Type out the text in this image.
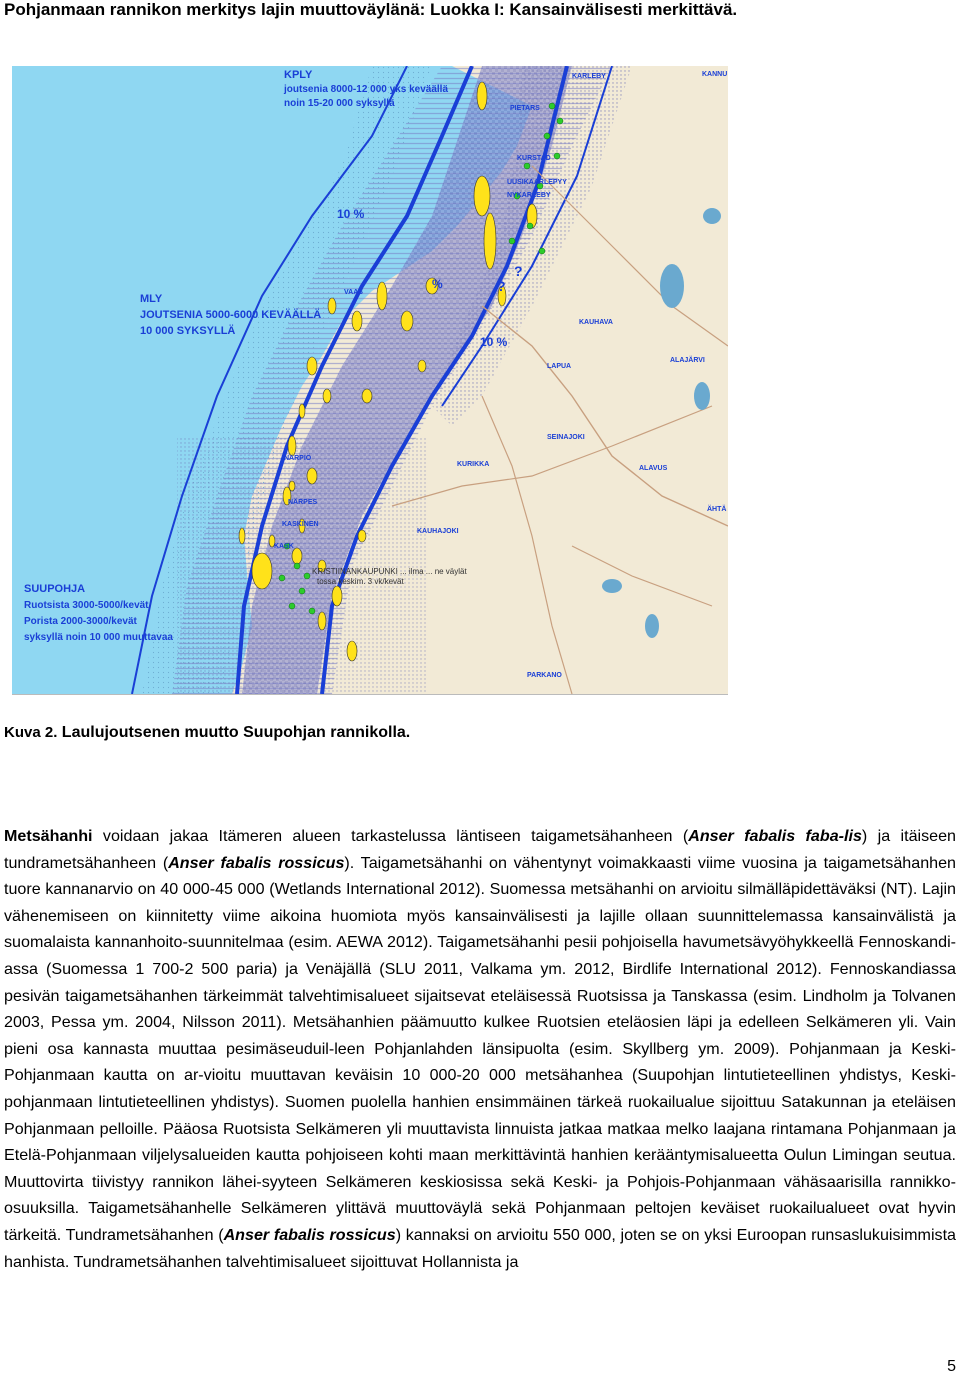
Pohjanmaan rannikon merkitys lajin muuttoväylänä: Luokka I: Kansainvälisesti merkittävä.
KPLY
joutsenia 8000-12 000 yks keväällä
noin 15-20 000 syksyllä
MLY
JOUTSENIA 5000-6000 KEVÄÄLLÄ
10 000 SYKSYLLÄ
SUUPOHJA
Ruotsista 3000-5000/kevät
Porista 2000-3000/kevät
syksyllä noin 10 000 muuttavaa
10 %
%
10 %
?
?
KRISTIINANKAUPUNKI ... ilma ... ne väylät
tossa keskim. 3 vk/kevät
KANNU
KARLEBY
PIETARS
KURSTAD
UUSIKAARLEPYY
NYKARLEBY
VAAS
KAUHAVA
ALAJÄRVI
LAPUA
SEINAJOKI
KURIKKA
ALAVUS
ÄHTÄ
NÄRPIÖ
NÄRPES
KASKINEN
KASK
KAUHAJOKI
PARKANO
Kuva 2. Laulujoutsenen muutto Suupohjan rannikolla.

Metsähanhi voidaan jakaa Itämeren alueen tarkastelussa läntiseen taigametsähanheen (Anser fabalis faba-lis) ja itäiseen tundrametsähanheen (Anser fabalis rossicus). Taigametsähanhi on vähentynyt voimakkaasti viime vuosina ja taigametsähanhen tuore kannanarvio on 40 000-45 000 (Wetlands International 2012). Suomessa metsähanhi on arvioitu silmälläpidettäväksi (NT). Lajin vähenemiseen on kiinnitetty viime aikoina huomiota myös kansainvälisesti ja lajille ollaan suunnittelemassa kansainvälistä ja suomalaista kannanhoito-suunnitelmaa (esim. AEWA 2012). Taigametsähanhi pesii pohjoisella havumetsävyöhykkeellä Fennoskandi-assa (Suomessa 1 700-2 500 paria) ja Venäjällä (SLU 2011, Valkama ym. 2012, Birdlife International 2012). Fennoskandiassa pesivän taigametsähanhen tärkeimmät talvehtimisalueet sijaitsevat eteläisessä Ruotsissa ja Tanskassa (esim. Lindholm ja Tolvanen 2003, Pessa ym. 2004, Nilsson 2011). Metsähanhien päämuutto kulkee Ruotsien eteläosien läpi ja edelleen Selkämeren yli. Vain pieni osa kannasta muuttaa pesimäseuduil-leen Pohjanlahden länsipuolta (esim. Skyllberg ym. 2009). Pohjanmaan ja Keski-Pohjanmaan kautta on ar-vioitu muuttavan keväisin 10 000-20 000 metsähanhea (Suupohjan lintutieteellinen yhdistys, Keski-pohjanmaan lintutieteellinen yhdistys). Suomen puolella hanhien ensimmäinen tärkeä ruokailualue sijoittuu Satakunnan ja eteläisen Pohjanmaan pelloille. Pääosa Ruotsista Selkämeren yli muuttavista linnuista jatkaa matkaa melko laajana rintamana Pohjanmaan ja Etelä-Pohjanmaan viljelysalueiden kautta pohjoiseen kohti maan merkittävintä hanhien kerääntymisalueetta Oulun Limingan seutua. Muuttovirta tiivistyy rannikon lähei-syyteen Selkämeren keskiosissa sekä Keski- ja Pohjois-Pohjanmaan vähäsaarisilla rannikko-osuuksilla. Taigametsähanhelle Selkämeren ylittävä muuttoväylä sekä Pohjanmaan peltojen keväiset ruokailualueet ovat hyvin tärkeitä. Tundrametsähanhen (Anser fabalis rossicus) kannaksi on arvioitu 550 000, joten se on yksi Euroopan runsaslukuisimmista hanhista. Tundrametsähanhen talvehtimisalueet sijoittuvat Hollannista ja

5
